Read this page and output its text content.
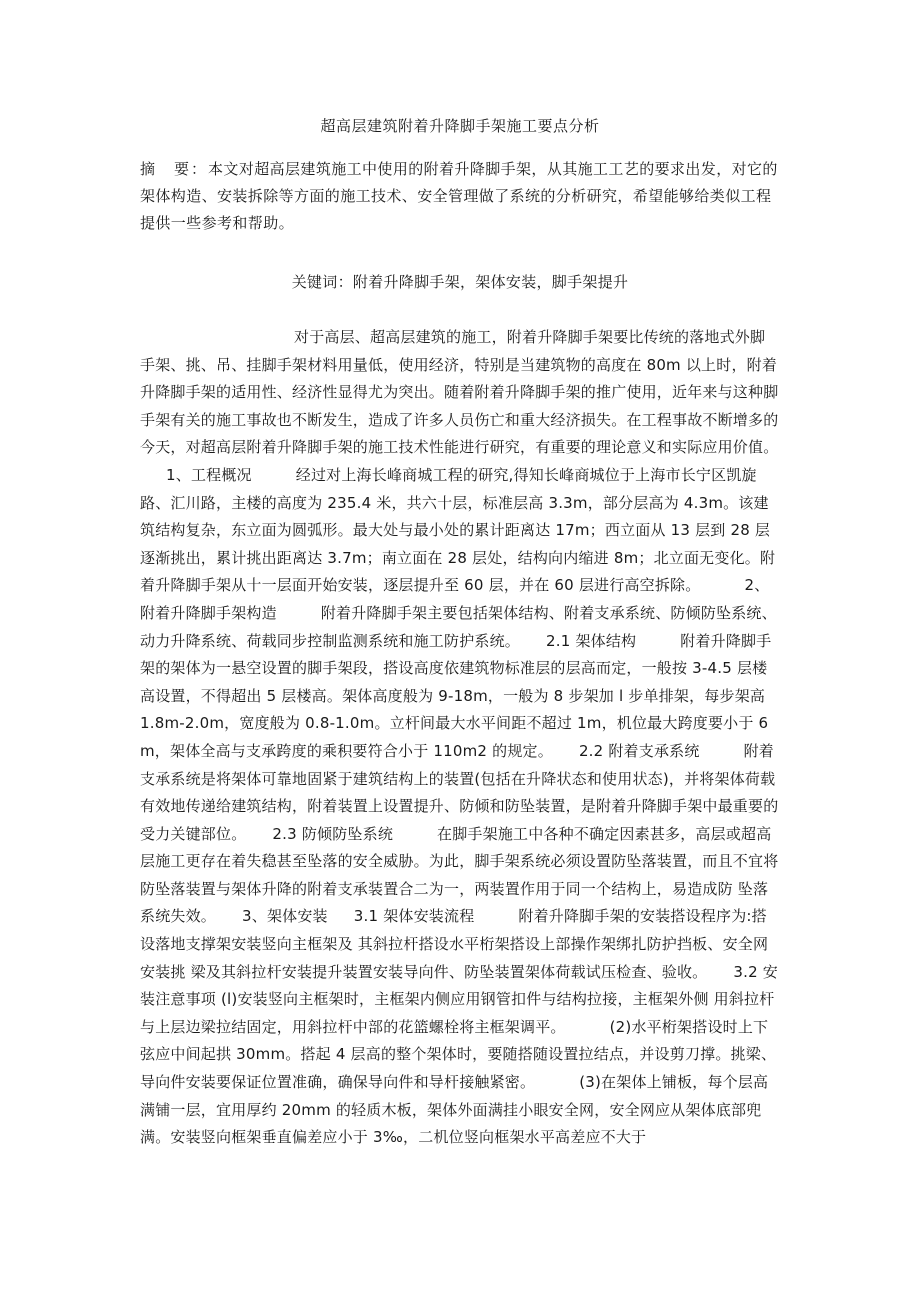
超高层建筑附着升降脚手架施工要点分析
摘　要：本文对超高层建筑施工中使用的附着升降脚手架，从其施工工艺的要求出发，对它的架体构造、安装拆除等方面的施工技术、安全管理做了系统的分析研究，希望能够给类似工程提供一些参考和帮助。
关键词：附着升降脚手架，架体安装，脚手架提升

对于高层、超高层建筑的施工，附着升降脚手架要比传统的落地式外脚手架、挑、吊、挂脚手架材料用量低，使用经济，特别是当建筑物的高度在 80m 以上时，附着升降脚手架的适用性、经济性显得尤为突出。随着附着升降脚手架的推广使用，近年来与这种脚手架有关的施工事故也不断发生，造成了许多人员伤亡和重大经济损失。在工程事故不断增多的今天，对超高层附着升降脚手架的施工技术性能进行研究，有重要的理论意义和实际应用价值。1、工程概况	经过对上海长峰商城工程的研究,得知长峰商城位于上海市长宁区凯旋路、汇川路，主楼的高度为 235.4 米，共六十层，标准层高 3.3m，部分层高为 4.3m。该建筑结构复杂，东立面为圆弧形。最大处与最小处的累计距离达 17m；西立面从 13 层到 28 层逐渐挑出，累计挑出距离达 3.7m；南立面在 28 层处，结构向内缩进 8m；北立面无变化。附着升降脚手架从十一层面开始安装，逐层提升至 60 层，并在 60 层进行高空拆除。	2、附着升降脚手架构造	附着升降脚手架主要包括架体结构、附着支承系统、防倾防坠系统、动力升降系统、荷载同步控制监测系统和施工防护系统。 2.1 架体结构	附着升降脚手架的架体为一悬空设置的脚手架段，搭设高度依建筑物标准层的层高而定，一般按 3-4.5 层楼高设置，不得超出 5 层楼高。架体高度般为 9-18m，一般为 8 步架加 l 步单排架，每步架高 1.8m-2.0m，宽度般为 0.8-1.0m。立杆间最大水平间距不超过 1m，机位最大跨度要小于 6 m，架体全高与支承跨度的乘积要符合小于 110m2 的规定。 2.2 附着支承系统	附着支承系统是将架体可靠地固紧于建筑结构上的装置(包括在升降状态和使用状态)，并将架体荷载有效地传递给建筑结构，附着装置上设置提升、防倾和防坠装置，是附着升降脚手架中最重要的受力关键部位。 2.3 防倾防坠系统	在脚手架施工中各种不确定因素甚多，高层或超高层施工更存在着失稳甚至坠落的安全威胁。为此，脚手架系统必须设置防坠落装置，而且不宜将防坠落装置与架体升降的附着支承装置合二为一，两装置作用于同一个结构上，易造成防 坠落系统失效。 3、架体安装 3.1 架体安装流程	附着升降脚手架的安装搭设程序为:搭设落地支撑架安装竖向主框架及 其斜拉杆搭设水平桁架搭设上部操作架绑扎防护挡板、安全网安装挑 梁及其斜拉杆安装提升装置安装导向件、防坠装置架体荷载试压检查、验收。 3.2 安装注意事项 (l)安装竖向主框架时，主框架内侧应用钢管扣件与结构拉接，主框架外侧 用斜拉杆与上层边梁拉结固定，用斜拉杆中部的花篮螺栓将主框架调平。	(2)水平桁架搭设时上下弦应中间起拱 30mm。搭起 4 层高的整个架体时，要随搭随设置拉结点，并设剪刀撑。挑梁、导向件安装要保证位置准确，确保导向件和导杆接触紧密。	(3)在架体上铺板，每个层高满铺一层，宜用厚约 20mm 的轻质木板，架体外面满挂小眼安全网，安全网应从架体底部兜满。安装竖向框架垂直偏差应小于 3‰，二机位竖向框架水平高差应不大于
